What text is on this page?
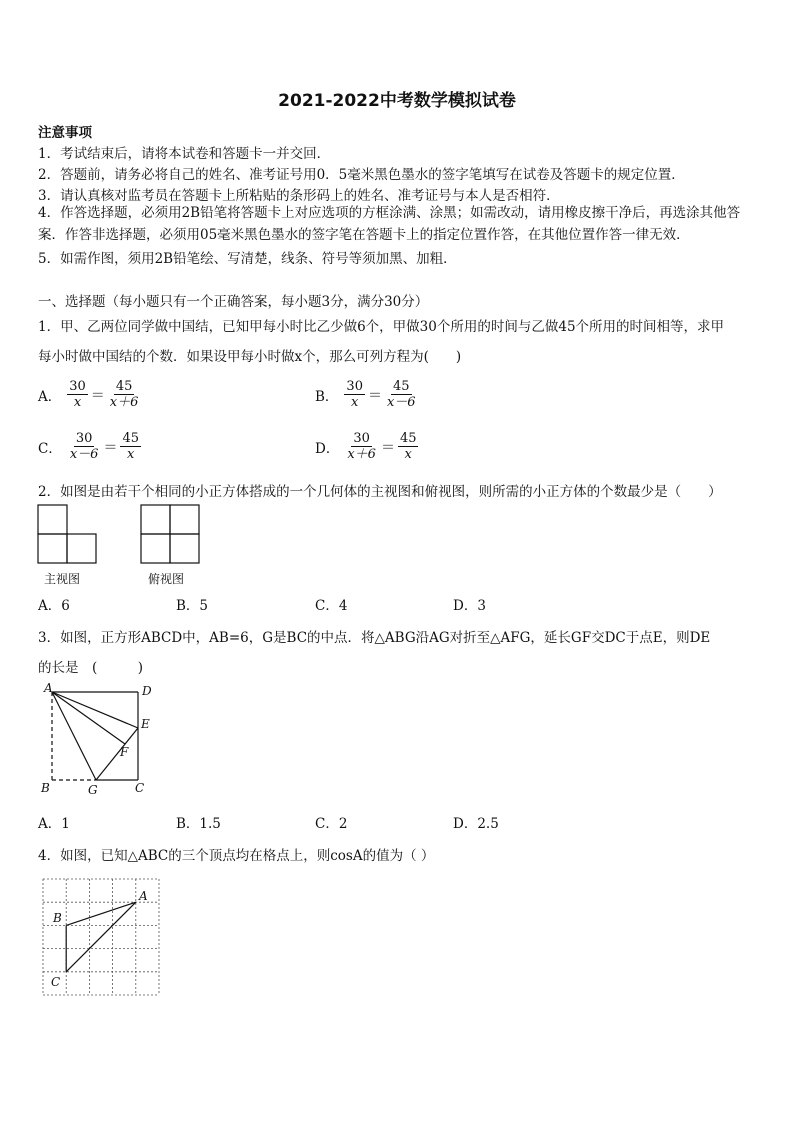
2021-2022中考数学模拟试卷
注意事项
1．考试结束后，请将本试卷和答题卡一并交回．
2．答题前，请务必将自己的姓名、准考证号用0．5毫米黑色墨水的签字笔填写在试卷及答题卡的规定位置．
3．请认真核对监考员在答题卡上所粘贴的条形码上的姓名、准考证号与本人是否相符．
4．作答选择题，必须用2B铅笔将答题卡上对应选项的方框涂满、涂黑；如需改动，请用橡皮擦干净后，再选涂其他答案．作答非选择题，必须用05毫米黑色墨水的签字笔在答题卡上的指定位置作答，在其他位置作答一律无效．
5．如需作图，须用2B铅笔绘、写清楚，线条、符号等须加黑、加粗．
一、选择题（每小题只有一个正确答案，每小题3分，满分30分）
1．甲、乙两位同学做中国结，已知甲每小时比乙少做6个，甲做30个所用的时间与乙做45个所用的时间相等，求甲
每小时做中国结的个数．如果设甲每小时做x个，那么可列方程为(　　)
A． $\frac{30}{x} = \frac{45}{x+6}$	B． $\frac{30}{x} = \frac{45}{x-6}$
C． $\frac{30}{x-6} = \frac{45}{x}$	D． $\frac{30}{x+6} = \frac{45}{x}$
2．如图是由若干个相同的小正方体搭成的一个几何体的主视图和俯视图，则所需的小正方体的个数最少是（　　）
主视图	俯视图
A．6	B．5	C．4	D．3
3．如图，正方形ABCD中，AB=6，G是BC的中点．将△ABG沿AG对折至△AFG，延长GF交DC于点E，则DE
的长是　(　　　)
A	D
E
F
B	G	C
A．1	B．1.5	C．2	D．2.5
4．如图，已知△ABC的三个顶点均在格点上，则cosA的值为（ ）
A
B
C
